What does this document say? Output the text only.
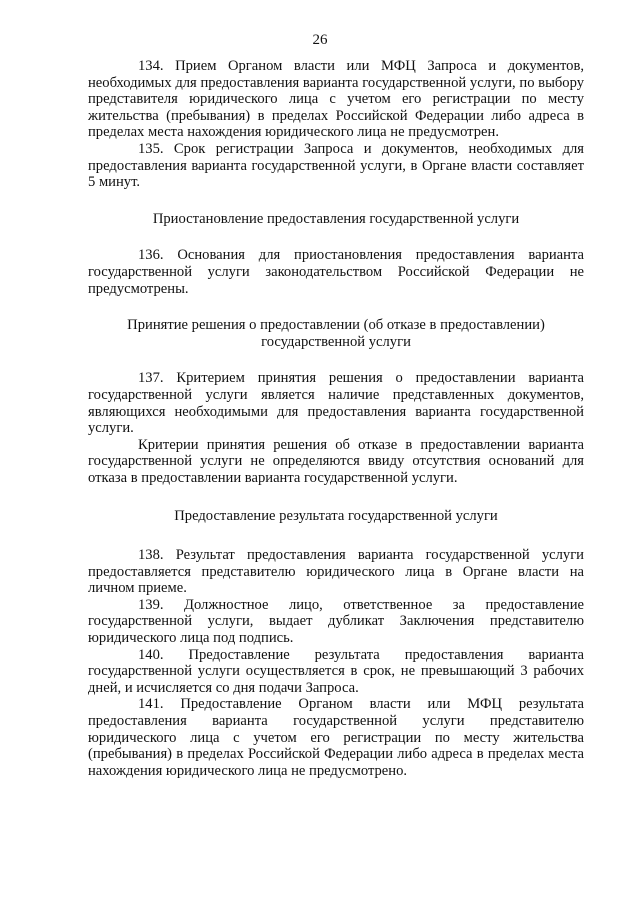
26

134. Прием Органом власти или МФЦ Запроса и документов, необходимых для предоставления варианта государственной услуги, по выбору представителя юридического лица с учетом его регистрации по месту жительства (пребывания) в пределах Российской Федерации либо адреса в пределах места нахождения юридического лица не предусмотрен.

135. Срок регистрации Запроса и документов, необходимых для предоставления варианта государственной услуги, в Органе власти составляет 5 минут.

Приостановление предоставления государственной услуги

136. Основания для приостановления предоставления варианта государственной услуги законодательством Российской Федерации не предусмотрены.

Принятие решения о предоставлении (об отказе в предоставлении)

государственной услуги

137. Критерием принятия решения о предоставлении варианта государственной услуги является наличие представленных документов, являющихся необходимыми для предоставления варианта государственной услуги.

Критерии принятия решения об отказе в предоставлении варианта государственной услуги не определяются ввиду отсутствия оснований для отказа в предоставлении варианта государственной услуги.

Предоставление результата государственной услуги

138. Результат предоставления варианта государственной услуги предоставляется представителю юридического лица в Органе власти на личном приеме.

139. Должностное лицо, ответственное за предоставление государственной услуги, выдает дубликат Заключения представителю юридического лица под подпись.

140. Предоставление результата предоставления варианта государственной услуги осуществляется в срок, не превышающий 3 рабочих дней, и исчисляется со дня подачи Запроса.

141. Предоставление Органом власти или МФЦ результата предоставления варианта государственной услуги представителю юридического лица с учетом его регистрации по месту жительства (пребывания) в пределах Российской Федерации либо адреса в пределах места нахождения юридического лица не предусмотрено.
